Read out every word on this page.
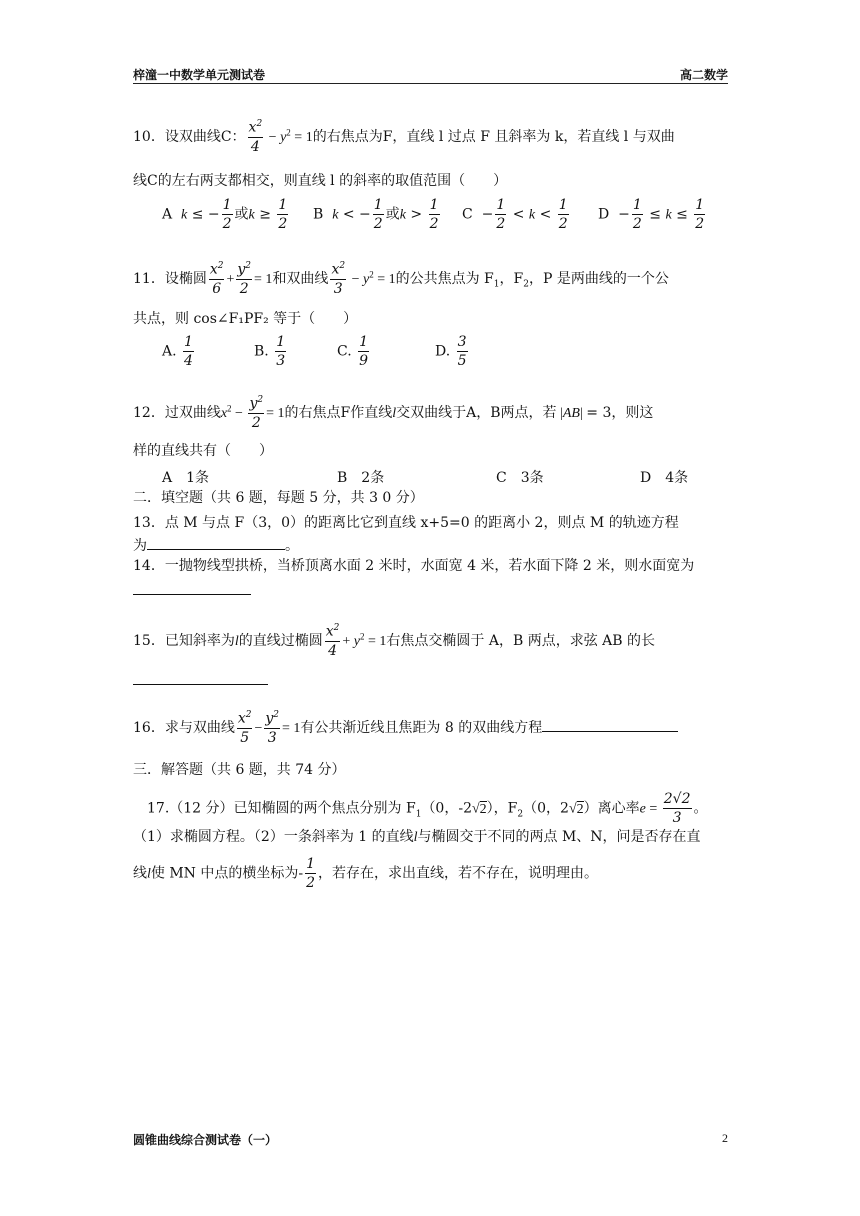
梓潼一中数学单元测试卷	高二数学
10．设双曲线C： $\frac{x^2}{4} - y^2 = 1$的右焦点为F，直线 l 过点 F 且斜率为 k，若直线 l 与双曲
线C的左右两支都相交，则直线 l 的斜率的取值范围（　　）
A k ≤ − $\frac{1}{2}$ 或$k \ge \frac{1}{2}$ B k < − $\frac{1}{2}$ 或$k > \frac{1}{2}$ $C - \frac{1}{2} < k < \frac{1}{2}$ $D - \frac{1}{2} \le k \le \frac{1}{2}$
11．设椭圆 $\frac{x^2}{6} + \frac{y^2}{2} = 1$和双曲线 $\frac{x^2}{3} - y^2 = 1$的公共焦点为 $F_1$，$F_2$，P 是两曲线的一个公
共点，则 cos∠F₁PF₂ 等于（　　）
A. $\frac{1}{4}$	B. $\frac{1}{3}$	C. $\frac{1}{9}$	D. $\frac{3}{5}$
12．过双曲线$x^2 - \frac{y^2}{2} = 1$的右焦点F作直线l交双曲线于A，B两点，若 |AB| = 3，则这
样的直线共有（　　）
A　1条	B　2条	C　3条	D　4条
二．填空题（共 6 题，每题 5 分，共 3 0 分）
13．点 M 与点 F（3，0）的距离比它到直线 x+5=0 的距离小 2，则点 M 的轨迹方程
为	。
14．一抛物线型拱桥，当桥顶离水面 2 米时，水面宽 4 米，若水面下降 2 米，则水面宽为
15．已知斜率为l的直线过椭圆 $\frac{x^2}{4} + y^2 = 1$右焦点交椭圆于 A，B 两点，求弦 AB 的长
16．求与双曲线 $\frac{x^2}{5} - \frac{y^2}{3} = 1$有公共渐近线且焦距为 8 的双曲线方程
三．解答题（共 6 题，共 74 分）
17.（12 分）已知椭圆的两个焦点分别为 $F_1(0$，-2√2），$F_2(0$，2√2）离心率$e = \frac{2√2}{3}$ 。
（1）求椭圆方程。（2）一条斜率为 1 的直线l与椭圆交于不同的两点 M、N，问是否存在直
线l使 MN 中点的横坐标为- $\frac{1}{2}$ ，若存在，求出直线，若不存在，说明理由。
圆锥曲线综合测试卷（一）	2
